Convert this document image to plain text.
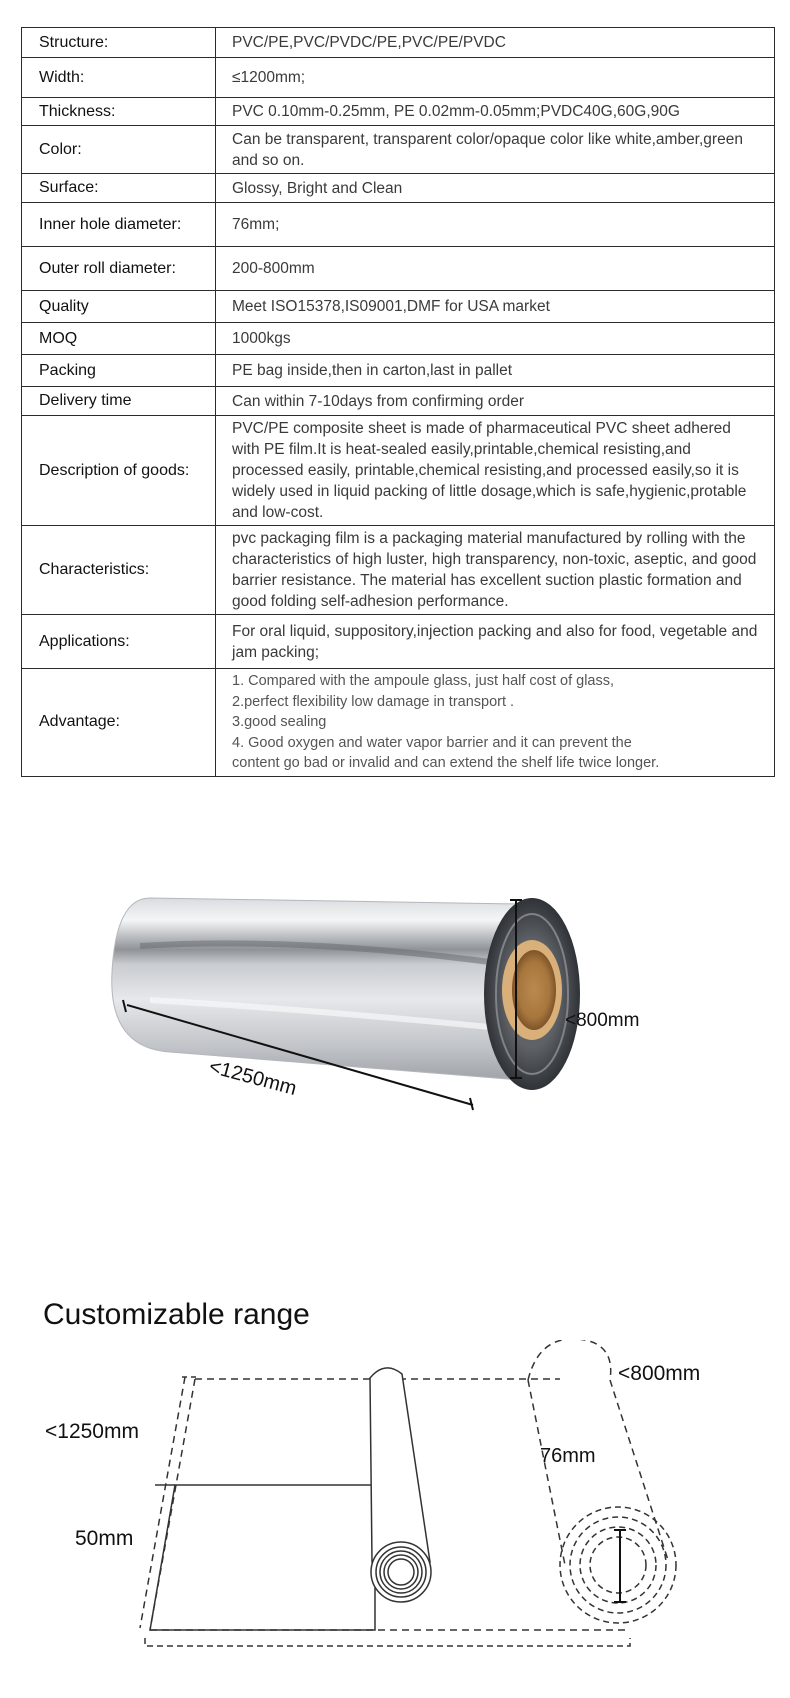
Structure:	PVC/PE,PVC/PVDC/PE,PVC/PE/PVDC
Width:	≤1200mm;
Thickness:	PVC 0.10mm-0.25mm, PE 0.02mm-0.05mm;PVDC40G,60G,90G
Color:	Can be transparent, transparent color/opaque color like white,amber,green and so on.
Surface:	Glossy, Bright and Clean
Inner hole diameter:	76mm;
Outer roll diameter:	200-800mm
Quality	Meet ISO15378,IS09001,DMF for USA market
MOQ	1000kgs
Packing	PE bag inside,then in carton,last in pallet
Delivery time	Can within 7-10days from confirming order
Description of goods:	PVC/PE composite sheet is made of pharmaceutical PVC sheet adhered with PE film.It is heat-sealed easily,printable,chemical resisting,and processed easily, printable,chemical resisting,and processed easily,so it is widely used in liquid packing of little dosage,which is safe,hygienic,protable and low-cost.
Characteristics:	pvc packaging film is a packaging material manufactured by rolling with the characteristics of high luster, high transparency, non-toxic, aseptic, and good barrier resistance. The material has excellent suction plastic formation and good folding self-adhesion performance.
Applications:	For oral liquid, suppository,injection packing and also for food, vegetable and jam packing;
Advantage:	1. Compared with the ampoule glass, just half cost of glass,
2.perfect flexibility low damage in transport .
3.good sealing
4. Good oxygen and water vapor barrier and it can prevent the
content go bad or invalid and can extend the shelf life twice longer.
<1250mm
<800mm
Customizable range
<1250mm
50mm
76mm
<800mm
